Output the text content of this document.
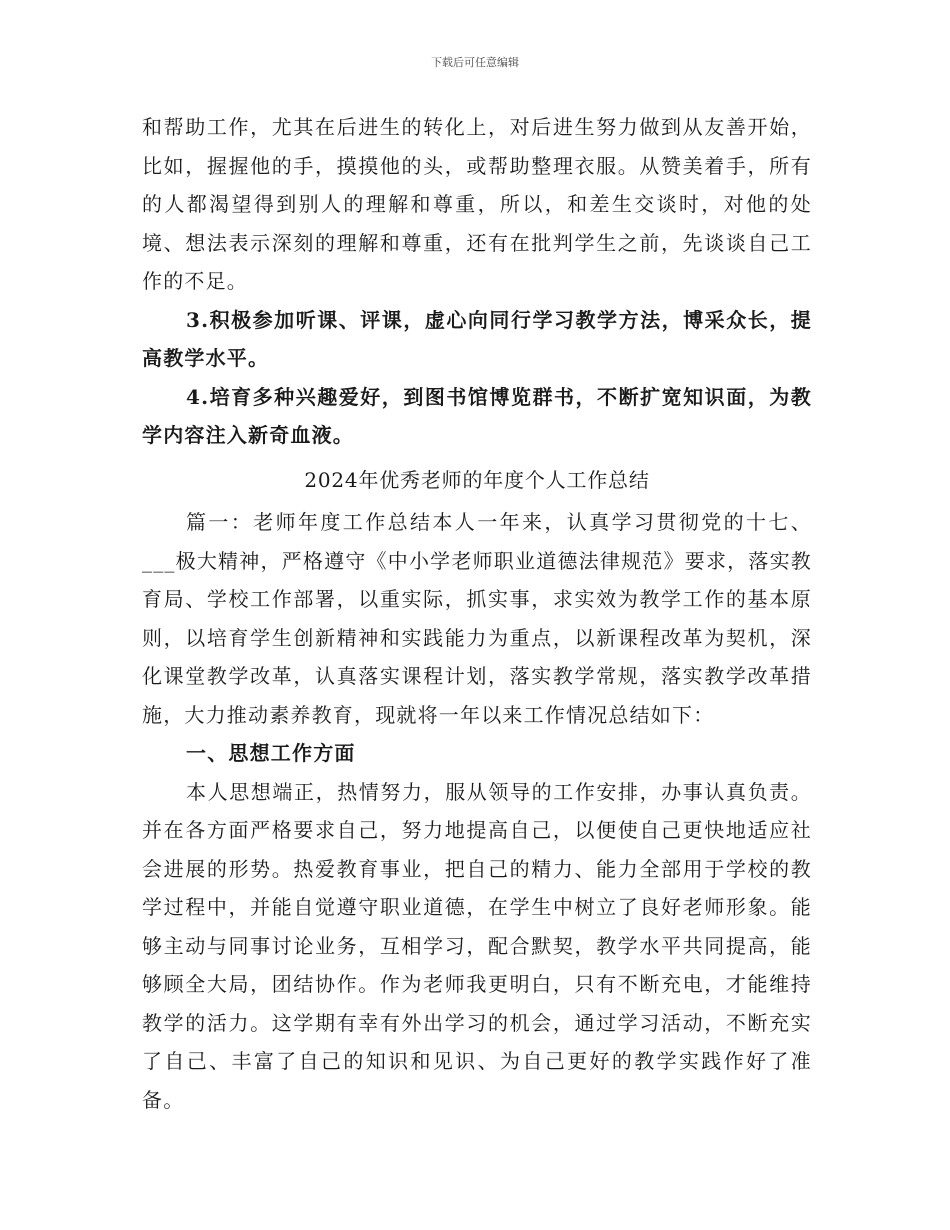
下载后可任意编辑

和帮助工作，尤其在后进生的转化上，对后进生努力做到从友善开始，比如，握握他的手，摸摸他的头，或帮助整理衣服。从赞美着手，所有的人都渴望得到别人的理解和尊重，所以，和差生交谈时，对他的处境、想法表示深刻的理解和尊重，还有在批判学生之前，先谈谈自己工作的不足。

3.积极参加听课、评课，虚心向同行学习教学方法，博采众长，提高教学水平。

4.培育多种兴趣爱好，到图书馆博览群书，不断扩宽知识面，为教学内容注入新奇血液。

2024年优秀老师的年度个人工作总结

篇一：老师年度工作总结本人一年来，认真学习贯彻党的十七、___极大精神，严格遵守《中小学老师职业道德法律规范》要求，落实教育局、学校工作部署，以重实际，抓实事，求实效为教学工作的基本原则，以培育学生创新精神和实践能力为重点，以新课程改革为契机，深化课堂教学改革，认真落实课程计划，落实教学常规，落实教学改革措施，大力推动素养教育，现就将一年以来工作情况总结如下：

一、思想工作方面

本人思想端正，热情努力，服从领导的工作安排，办事认真负责。并在各方面严格要求自己，努力地提高自己，以便使自己更快地适应社会进展的形势。热爱教育事业，把自己的精力、能力全部用于学校的教学过程中，并能自觉遵守职业道德，在学生中树立了良好老师形象。能够主动与同事讨论业务，互相学习，配合默契，教学水平共同提高，能够顾全大局，团结协作。作为老师我更明白，只有不断充电，才能维持教学的活力。这学期有幸有外出学习的机会，通过学习活动，不断充实了自己、丰富了自己的知识和见识、为自己更好的教学实践作好了准备。
